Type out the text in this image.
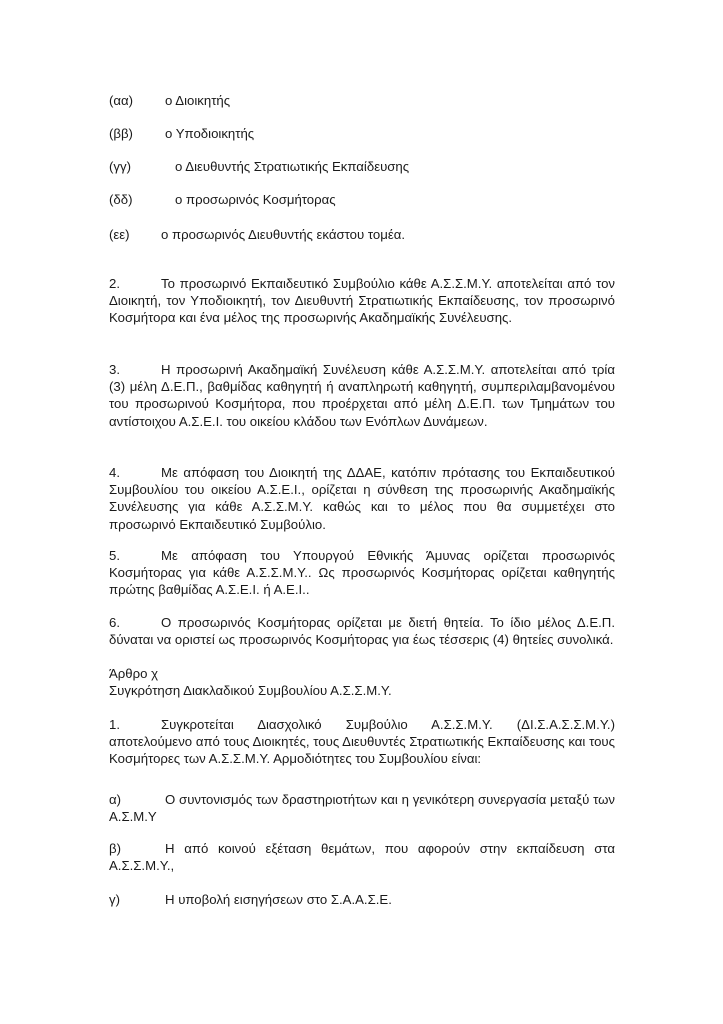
(αα) ο Διοικητής
(ββ) ο Υποδιοικητής
(γγ)	ο Διευθυντής Στρατιωτικής Εκπαίδευσης
(δδ)	ο προσωρινός Κοσμήτορας
(εε) ο προσωρινός Διευθυντής εκάστου τομέα.
2.	Το προσωρινό Εκπαιδευτικό Συμβούλιο κάθε Α.Σ.Σ.Μ.Υ. αποτελείται από τον Διοικητή, τον Υποδιοικητή, τον Διευθυντή Στρατιωτικής Εκπαίδευσης, τον προσωρινό Κοσμήτορα και ένα μέλος της προσωρινής Ακαδημαϊκής Συνέλευσης.
3.	Η προσωρινή Ακαδημαϊκή Συνέλευση κάθε Α.Σ.Σ.Μ.Υ. αποτελείται από τρία (3) μέλη Δ.Ε.Π., βαθμίδας καθηγητή ή αναπληρωτή καθηγητή, συμπεριλαμβανομένου του προσωρινού Κοσμήτορα, που προέρχεται από μέλη Δ.Ε.Π. των Τμημάτων του αντίστοιχου Α.Σ.Ε.Ι. του οικείου κλάδου των Ενόπλων Δυνάμεων.
4.	Με απόφαση του Διοικητή της ΔΔΑΕ, κατόπιν πρότασης του Εκπαιδευτικού Συμβουλίου του οικείου Α.Σ.Ε.Ι., ορίζεται η σύνθεση της προσωρινής Ακαδημαϊκής Συνέλευσης για κάθε Α.Σ.Σ.Μ.Υ. καθώς και το μέλος που θα συμμετέχει στο προσωρινό Εκπαιδευτικό Συμβούλιο.
5.	Με απόφαση του Υπουργού Εθνικής Άμυνας ορίζεται προσωρινός Κοσμήτορας για κάθε Α.Σ.Σ.Μ.Υ.. Ως προσωρινός Κοσμήτορας ορίζεται καθηγητής πρώτης βαθμίδας Α.Σ.Ε.Ι. ή Α.Ε.Ι..
6.	Ο προσωρινός Κοσμήτορας ορίζεται με διετή θητεία. Το ίδιο μέλος Δ.Ε.Π. δύναται να οριστεί ως προσωρινός Κοσμήτορας για έως τέσσερις (4) θητείες συνολικά.
Άρθρο χ
Συγκρότηση Διακλαδικού Συμβουλίου Α.Σ.Σ.Μ.Υ.
1.	Συγκροτείται Διασχολικό Συμβούλιο Α.Σ.Σ.Μ.Υ. (ΔΙ.Σ.Α.Σ.Σ.Μ.Υ.) αποτελούμενο από τους Διοικητές, τους Διευθυντές Στρατιωτικής Εκπαίδευσης και τους Κοσμήτορες των Α.Σ.Σ.Μ.Υ. Αρμοδιότητες του Συμβουλίου είναι:
α)	Ο συντονισμός των δραστηριοτήτων και η γενικότερη συνεργασία μεταξύ των Α.Σ.Μ.Υ
β)	Η από κοινού εξέταση θεμάτων, που αφορούν στην εκπαίδευση στα Α.Σ.Σ.Μ.Υ.,
γ)	Η υποβολή εισηγήσεων στο Σ.Α.Α.Σ.Ε.
